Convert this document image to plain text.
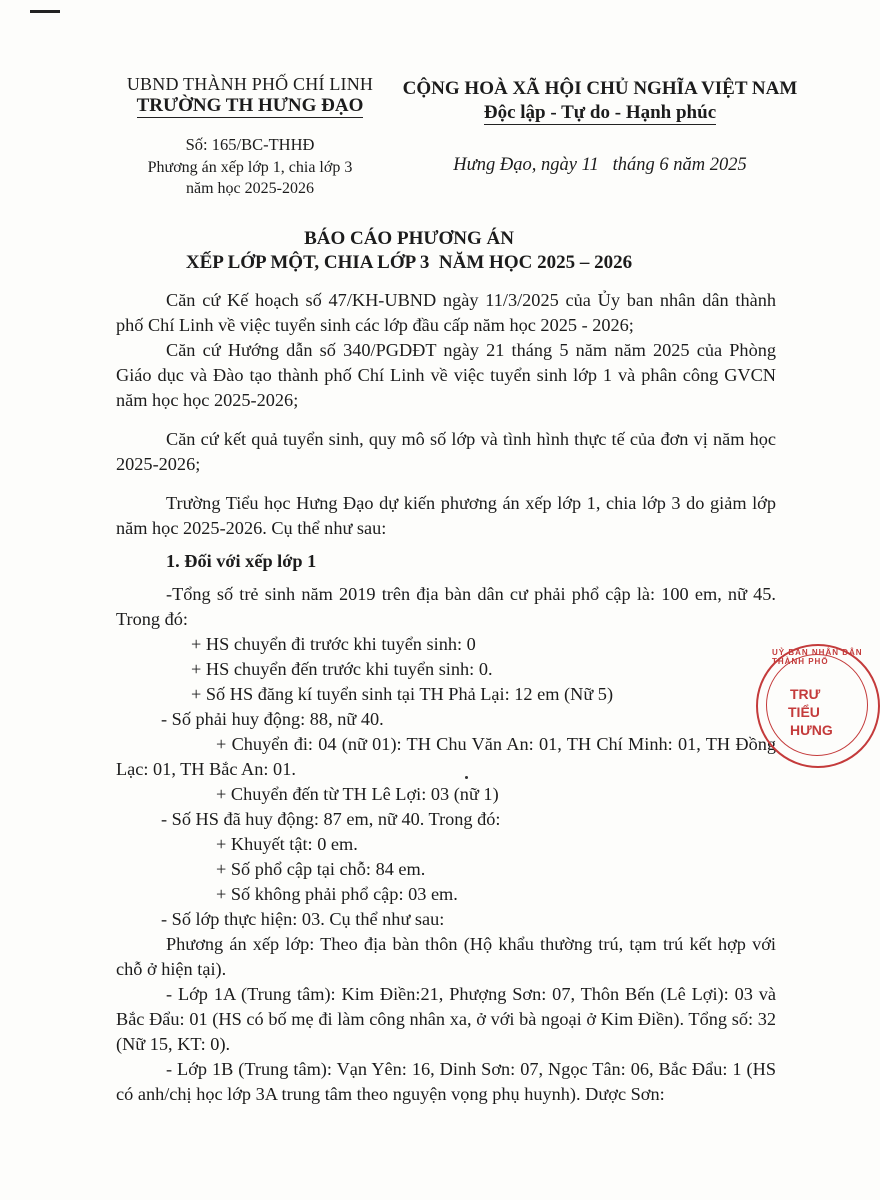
UBND THÀNH PHỐ CHÍ LINH
TRƯỜNG TH HƯNG ĐẠO
Số: 165/BC-THHĐ
Phương án xếp lớp 1, chia lớp 3
năm học 2025-2026
CỘNG HOÀ XÃ HỘI CHỦ NGHĨA VIỆT NAM
Độc lập - Tự do - Hạnh phúc
Hưng Đạo, ngày 11   tháng 6 năm 2025
BÁO CÁO PHƯƠNG ÁN
XẾP LỚP MỘT, CHIA LỚP 3  NĂM HỌC 2025 – 2026

Căn cứ Kế hoạch số 47/KH-UBND ngày 11/3/2025 của Ủy ban nhân dân thành phố Chí Linh về việc tuyển sinh các lớp đầu cấp năm học 2025 - 2026;

Căn cứ Hướng dẫn số 340/PGDĐT ngày 21 tháng 5 năm năm 2025 của Phòng Giáo dục và Đào tạo thành phố Chí Linh về việc tuyển sinh lớp 1 và phân công GVCN năm học học 2025-2026;

Căn cứ kết quả tuyển sinh, quy mô số lớp và tình hình thực tế của đơn vị năm học 2025-2026;

Trường Tiểu học Hưng Đạo dự kiến phương án xếp lớp 1, chia lớp 3 do giảm lớp năm học 2025-2026. Cụ thể như sau:

1. Đối với xếp lớp 1

-Tổng số trẻ sinh năm 2019 trên địa bàn dân cư phải phổ cập là: 100 em, nữ 45. Trong đó:

+ HS chuyển đi trước khi tuyển sinh: 0

+ HS chuyển đến trước khi tuyển sinh: 0.

+ Số HS đăng kí tuyển sinh tại TH Phả Lại: 12 em (Nữ 5)

- Số phải huy động: 88, nữ 40.

+ Chuyển đi: 04 (nữ 01): TH Chu Văn An: 01, TH Chí Minh: 01, TH Đồng Lạc: 01, TH Bắc An: 01.

+ Chuyển đến từ TH Lê Lợi: 03 (nữ 1)

- Số HS đã huy động: 87 em, nữ 40. Trong đó:

+ Khuyết tật: 0 em.

+ Số phổ cập tại chỗ: 84 em.

+ Số không phải phổ cập: 03 em.

- Số lớp thực hiện: 03. Cụ thể như sau:

Phương án xếp lớp: Theo địa bàn thôn (Hộ khẩu thường trú, tạm trú kết hợp với chỗ ở hiện tại).

- Lớp 1A (Trung tâm): Kim Điền:21, Phượng Sơn: 07, Thôn Bến (Lê Lợi): 03 và Bắc Đẩu: 01 (HS có bố mẹ đi làm công nhân xa, ở với bà ngoại ở Kim Điền). Tổng số: 32 (Nữ 15, KT: 0).

- Lớp 1B (Trung tâm): Vạn Yên: 16, Dinh Sơn: 07, Ngọc Tân: 06, Bắc Đẩu: 1 (HS có anh/chị học lớp 3A trung tâm theo nguyện vọng phụ huynh). Dược Sơn:

UỶ BAN NHÂN DÂN THÀNH PHỐ
TRƯ
TIỂU
HƯNG
